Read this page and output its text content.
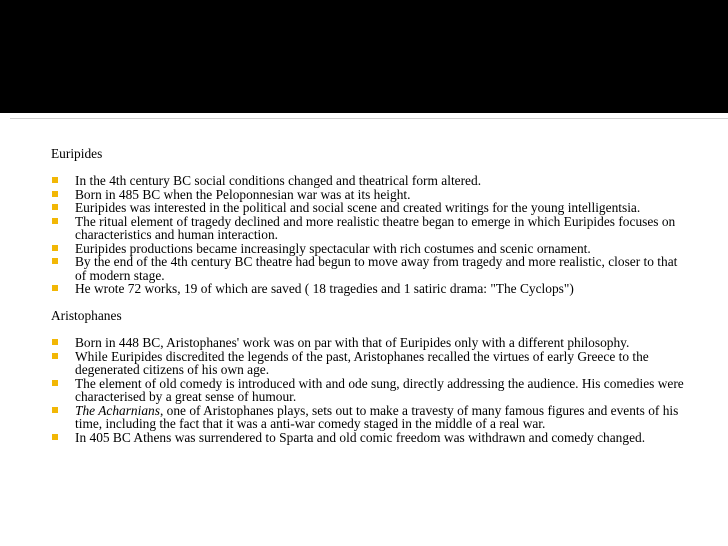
Euripides

In the 4th century BC social conditions changed and theatrical form altered.
Born in 485 BC when the Peloponnesian war was at its height.
Euripides was interested in the political and social scene and created writings for the young intelligentsia.
The ritual element of tragedy declined and more realistic theatre began to emerge in which Euripides focuses on characteristics and human interaction.
Euripides productions became increasingly spectacular with rich costumes and scenic ornament.
By the end of the 4th century BC theatre had begun to move away from tragedy and more realistic, closer to that of modern stage.
He wrote 72 works, 19 of which are saved ( 18 tragedies and 1 satiric drama: "The Cyclops")

Aristophanes

Born in 448 BC, Aristophanes' work was on par with that of Euripides only with a different philosophy.
While Euripides discredited the legends of the past, Aristophanes recalled the virtues of early Greece to the degenerated citizens of his own age.
The element of old comedy is introduced with and ode sung, directly addressing the audience. His comedies were characterised by a great sense of humour.
The Acharnians, one of Aristophanes plays, sets out to make a travesty of many famous figures and events of his time, including the fact that it was a anti-war comedy staged in the middle of a real war.
In 405 BC Athens was surrendered to Sparta and old comic freedom was withdrawn and comedy changed.
